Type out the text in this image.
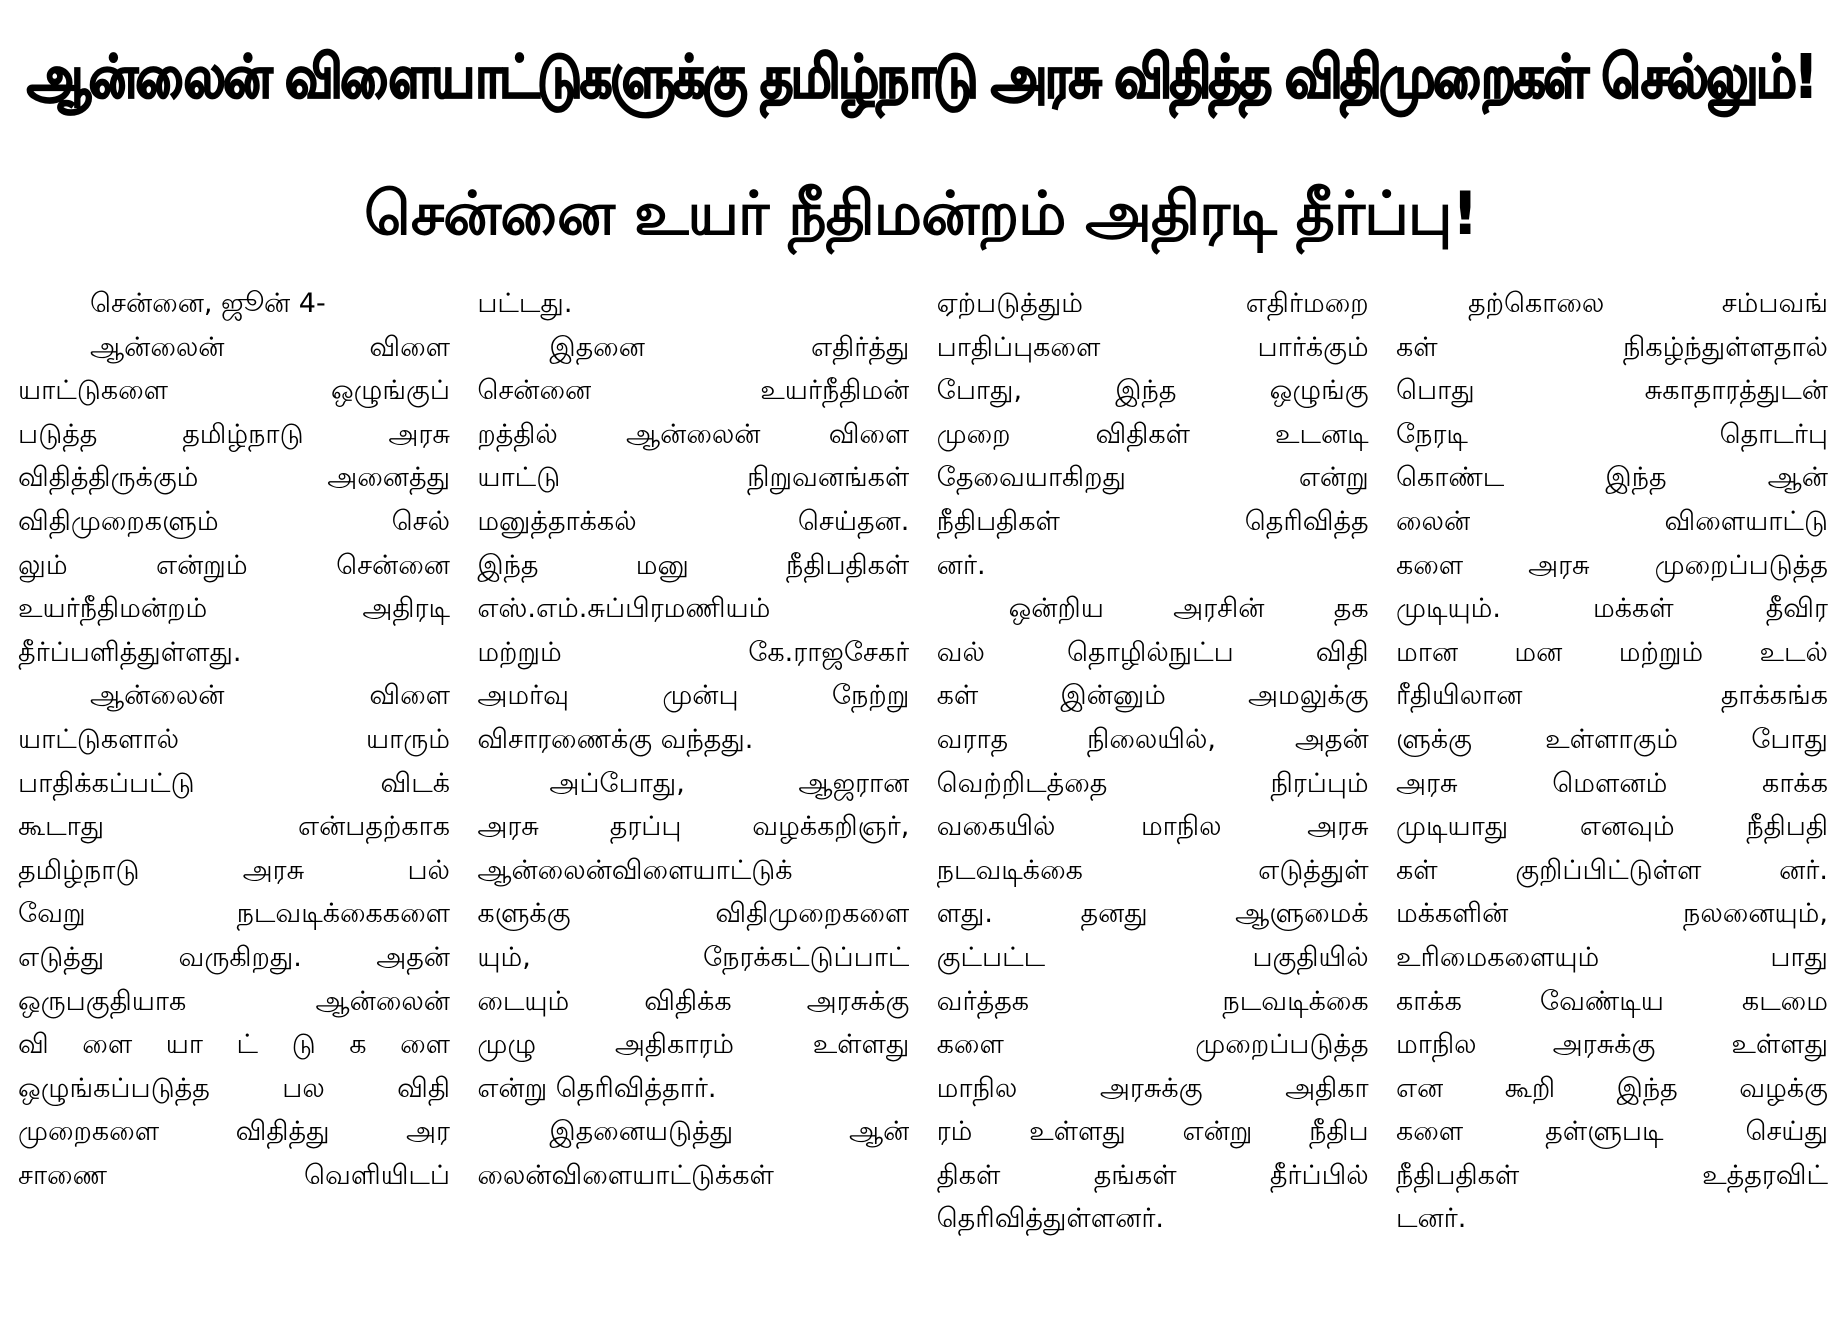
ஆன்லைன் விளையாட்டுகளுக்கு தமிழ்நாடு அரசு விதித்த விதிமுறைகள் செல்லும்!
சென்னை உயர் நீதிமன்றம் அதிரடி தீர்ப்பு!
சென்னை, ஜூன் 4-
ஆன்லைன்	விளை
யாட்டுகளை	ஒழுங்குப்
படுத்த	தமிழ்நாடு	அரசு
விதித்திருக்கும்	அனைத்து
விதிமுறைகளும்	செல்
லும்	என்றும்	சென்னை
உயர்நீதிமன்றம்	அதிரடி
தீர்ப்பளித்துள்ளது.
ஆன்லைன்	விளை
யாட்டுகளால்	யாரும்
பாதிக்கப்பட்டு	விடக்
கூடாது	என்பதற்காக
தமிழ்நாடு	அரசு	பல்
வேறு	நடவடிக்கைகளை
எடுத்து	வருகிறது.	அதன்
ஒருபகுதியாக	ஆன்லைன்
வி ளை யா ட் டு க ளை
ஒழுங்கப்படுத்த	பல	விதி
முறைகளை	விதித்து	அர
சாணை	வெளியிடப்
பட்டது.
இதனை	எதிர்த்து
சென்னை	உயர்நீதிமன்
றத்தில்	ஆன்லைன்	விளை
யாட்டு	நிறுவனங்கள்
மனுத்தாக்கல்	செய்தன.
இந்த	மனு	நீதிபதிகள்
எஸ்.எம்.சுப்பிரமணியம்
மற்றும்	கே.ராஜசேகர்
அமர்வு	முன்பு	நேற்று
விசாரணைக்கு வந்தது.
அப்போது,	ஆஜரான
அரசு	தரப்பு	வழக்கறிஞர்,
ஆன்லைன்விளையாட்டுக்
களுக்கு	விதிமுறைகளை
யும்,	நேரக்கட்டுப்பாட்
டையும்	விதிக்க	அரசுக்கு
முழு	அதிகாரம்	உள்ளது
என்று தெரிவித்தார்.
இதனையடுத்து	ஆன்
லைன்விளையாட்டுக்கள்
ஏற்படுத்தும்	எதிர்மறை
பாதிப்புகளை	பார்க்கும்
போது,	இந்த	ஒழுங்கு
முறை	விதிகள்	உடனடி
தேவையாகிறது	என்று
நீதிபதிகள்	தெரிவித்த
னர்.
ஒன்றிய	அரசின்	தக
வல்	தொழில்நுட்ப	விதி
கள்	இன்னும்	அமலுக்கு
வராத	நிலையில்,	அதன்
வெற்றிடத்தை	நிரப்பும்
வகையில்	மாநில	அரசு
நடவடிக்கை	எடுத்துள்
ளது.	தனது	ஆளுமைக்
குட்பட்ட	பகுதியில்
வர்த்தக	நடவடிக்கை
களை	முறைப்படுத்த
மாநில	அரசுக்கு	அதிகா
ரம் உள்ளது என்று நீதிப
திகள்	தங்கள்	தீர்ப்பில்
தெரிவித்துள்ளனர்.
தற்கொலை	சம்பவங்
கள்	நிகழ்ந்துள்ளதால்
பொது	சுகாதாரத்துடன்
நேரடி	தொடர்பு
கொண்ட	இந்த	ஆன்
லைன்	விளையாட்டு
களை அரசு முறைப்படுத்த
முடியும்.	மக்கள்	தீவிர
மான மன மற்றும் உடல்
ரீதியிலான	தாக்கங்க
ளுக்கு	உள்ளாகும்	போது
அரசு	மௌனம்	காக்க
முடியாது	எனவும்	நீதிபதி
கள்	குறிப்பிட்டுள்ள	னர்.
மக்களின்	நலனையும்,
உரிமைகளையும்	பாது
காக்க	வேண்டிய	கடமை
மாநில	அரசுக்கு	உள்ளது
என கூறி இந்த வழக்கு
களை	தள்ளுபடி	செய்து
நீதிபதிகள்	உத்தரவிட்
டனர்.
